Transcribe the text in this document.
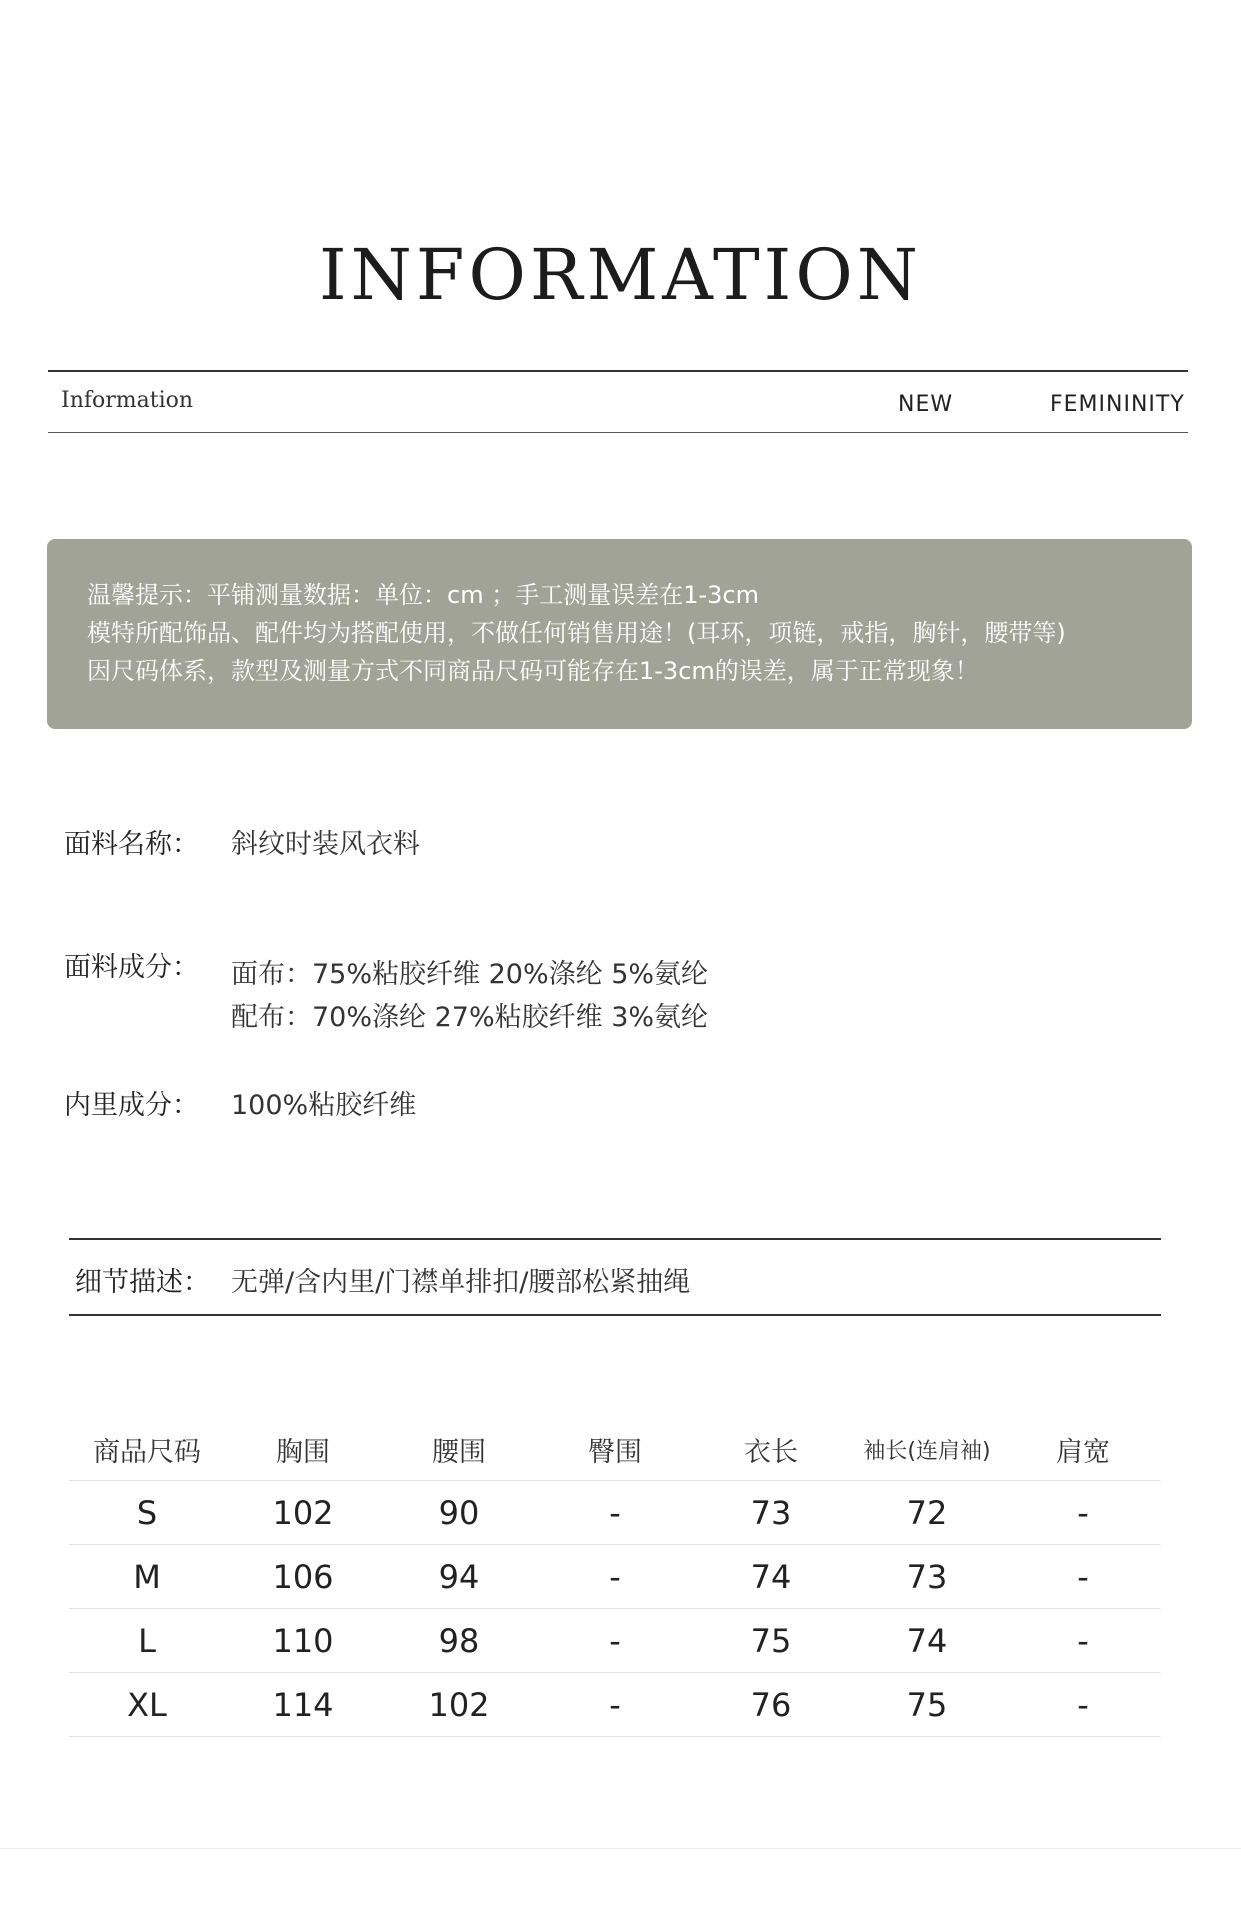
INFORMATION
Information	NEW	FEMININITY
温馨提示：平铺测量数据：单位：cm ；手工测量误差在1-3cm
模特所配饰品、配件均为搭配使用，不做任何销售用途！(耳环，项链，戒指，胸针，腰带等)
因尺码体系，款型及测量方式不同商品尺码可能存在1-3cm的误差，属于正常现象！
面料名称： 斜纹时装风衣料
面料成分： 面布：75%粘胶纤维 20%涤纶 5%氨纶
配布：70%涤纶 27%粘胶纤维 3%氨纶
内里成分： 100%粘胶纤维
细节描述： 无弹/含内里/门襟单排扣/腰部松紧抽绳
商品尺码	胸围	腰围	臀围	衣长	袖长(连肩袖)	肩宽
S	102	90	-	73	72	-
M	106	94	-	74	73	-
L	110	98	-	75	74	-
XL	114	102	-	76	75	-
